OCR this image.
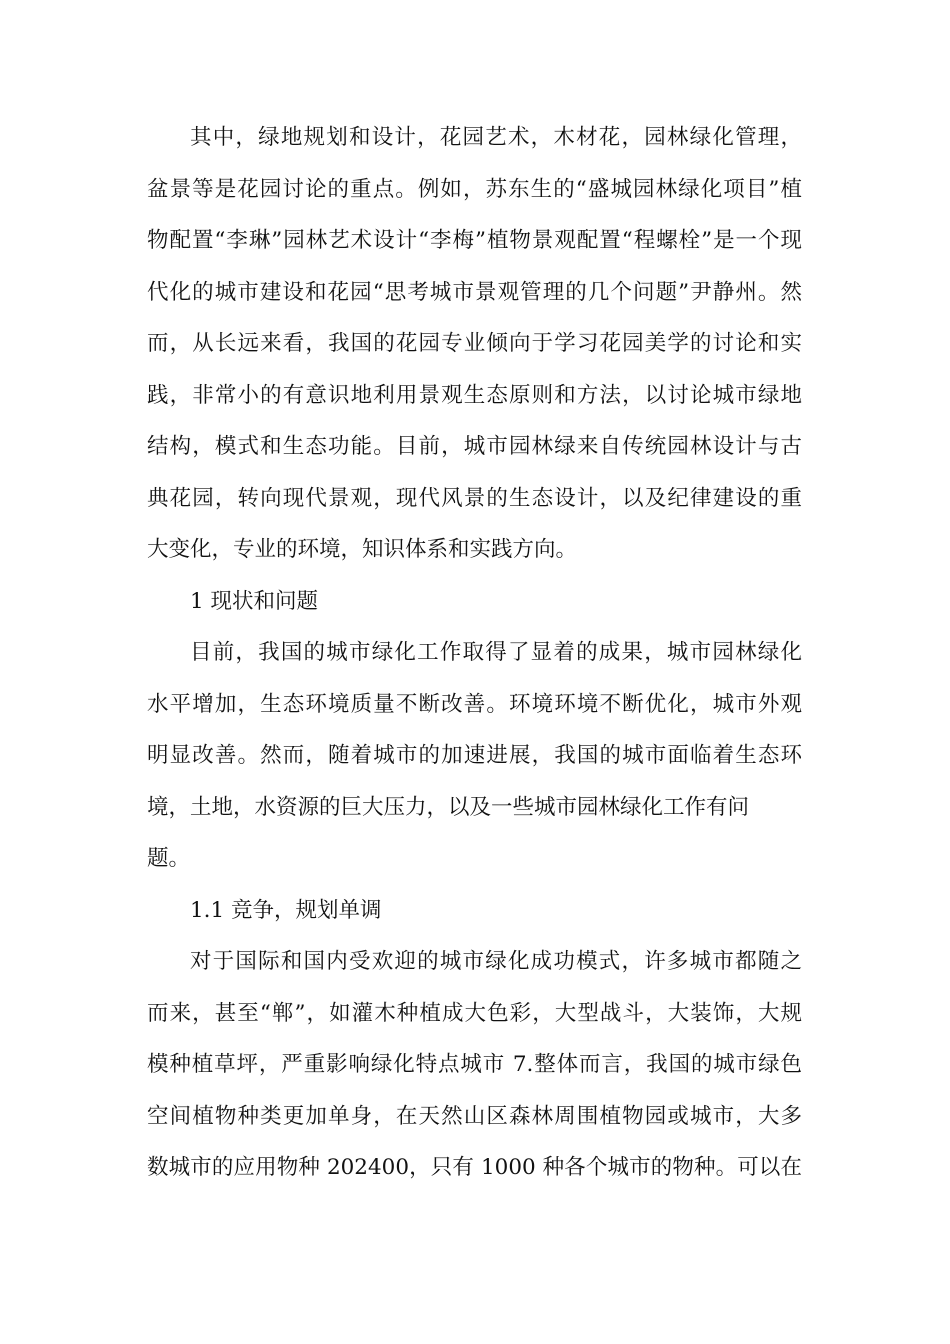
其中，绿地规划和设计，花园艺术，木材花，园林绿化管理，
盆景等是花园讨论的重点。例如，苏东生的“盛城园林绿化项目”植
物配置“李琳”园林艺术设计“李梅”植物景观配置“程螺栓”是一个现
代化的城市建设和花园“思考城市景观管理的几个问题”尹静州。然
而，从长远来看，我国的花园专业倾向于学习花园美学的讨论和实
践，非常小的有意识地利用景观生态原则和方法，以讨论城市绿地
结构，模式和生态功能。目前，城市园林绿来自传统园林设计与古
典花园，转向现代景观，现代风景的生态设计，以及纪律建设的重
大变化，专业的环境，知识体系和实践方向。
1 现状和问题
目前，我国的城市绿化工作取得了显着的成果，城市园林绿化
水平增加，生态环境质量不断改善。环境环境不断优化，城市外观
明显改善。然而，随着城市的加速进展，我国的城市面临着生态环
境，土地，水资源的巨大压力，以及一些城市园林绿化工作有问
题。
1.1 竞争，规划单调
对于国际和国内受欢迎的城市绿化成功模式，许多城市都随之
而来，甚至“郸”，如灌木种植成大色彩，大型战斗，大装饰，大规
模种植草坪，严重影响绿化特点城市 7.整体而言，我国的城市绿色
空间植物种类更加单身，在天然山区森林周围植物园或城市，大多
数城市的应用物种 202400，只有 1000 种各个城市的物种。可以在
